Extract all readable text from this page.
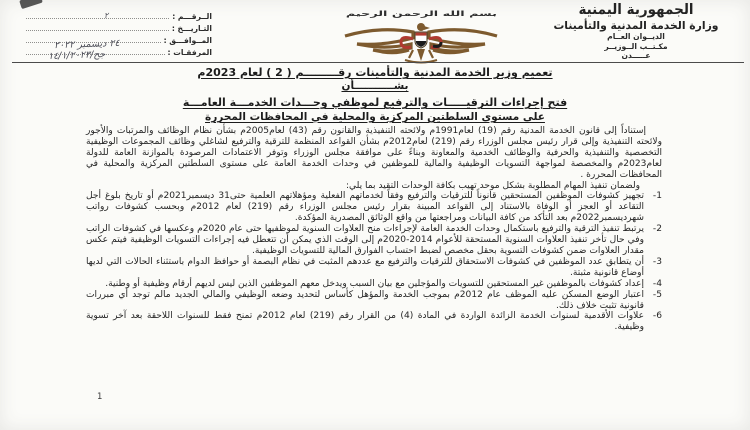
الــرقـــم :
التـاريـــخ :
المــوافـــق :
المرفقـات :
٢
٢٤ ديسمبر ٢٠٢٢
جح/١٤/١/٢٠٢٣
بسم الله الرحمن الرحيم	الجمهورية اليمنية
وزارة الخدمة المدنية والتأمينات
الديــوان العــام
مكـتــب الــوزيــر
عـــــدن
تعميم وزير الخدمة المدنية والتأمينات رقـــــــــم ( 2 ) لعام 2023م
بشـــــــــــأن
فتح إجراءات الترقيـــــات والترفيع لموظفي وحـــدات الخدمـــة العامـــة
على مستوى السلطتين المركزية والمحلية في المحافظات المحررة

إستناداً إلى قانون الخدمة المدنية رقم (19) لعام1991م ولائحته التنفيذية والقانون رقم (43) لعام2005م بشأن نظام الوظائف والمرتبات والأجور ولائحته التنفيذية وإلى قرار رئيس مجلس الوزراء رقم (219) لعام2012م بشأن القواعد المنظمة للترقية والترفيع لشاغلي وظائف المجموعات الوظيفية التخصصية والتنفيذية والحرفية والوظائف الخدمية والمعاونة وبناءً على موافقة مجلس الوزراء وتوفر الاعتمادات المرصودة بالموازنة العامة للدولة لعام2023م والمخصصة لمواجهة التسويات الوظيفية والمالية للموظفين في وحدات الخدمة العامة على مستوى السلطتين المركزية والمحلية في المحافظات المحررة .

ولضمان تنفيذ المهام المطلوبة بشكل موحد تهيب بكافة الوحدات التقيد بما يلي:

1-
تجهيز كشوفات الموظفين المستحقين قانوناً للترقيات والترفيع وفقاً لخدماتهم الفعلية ومؤهلاتهم العلمية حتى31 ديسمبر2021م أو تاريخ بلوغ أجل التقاعد أو العجز أو الوفاة بالاستناد إلى القواعد المبينة بقرار رئيس مجلس الوزراء رقم (219) لعام 2012م وبحسب كشوفات رواتب شهرديسمبر2022م بعد التأكد من كافة البيانات ومراجعتها من واقع الوثائق المصدرية المؤكدة.
2-
يرتبط تنفيذ الترقية والترفيع باستكمال وحدات الخدمة العامة لإجراءات منح العلاوات السنوية لموظفيها حتى عام 2020م وعكسها في كشوفات الراتب وفي حال تأخر تنفيذ العلاوات السنوية المستحقة للأعوام 2014-2020م إلى الوقت الذي يمكن أن تتعطل فيه إجراءات التسويات الوظيفية فيتم عكس مقدار العلاوات ضمن كشوفات التسوية بحقل مخصص لضبط احتساب الفوارق المالية للتسويات الوظيفية.
3-
أن يتطابق عدد الموظفين في كشوفات الاستحقاق للترقيات والترفيع مع عددهم المثبت في نظام البصمة أو حوافظ الدوام باستثناء الحالات التي لديها أوضاع قانونية مثبتة.
4-
إعداد كشوفات بالموظفين غير المستحقين للتسويات والمؤجلين مع بيان السبب ويدخل معهم الموظفين الذين ليس لديهم أرقام وظيفية أو وطنية.
5-
اعتبار الوضع المسكن عليه الموظف عام 2012م بموجب الخدمة والمؤهل كأساس لتحديد وضعه الوظيفي والمالي الجديد مالم توجد أي مبررات قانونية تثبت خلاف ذلك.
6-
علاوات الأقدمية لسنوات الخدمة الزائدة الواردة في المادة (4) من القرار رقم (219) لعام 2012م تمنح فقط للسنوات اللاحقة بعد آخر تسوية وظيفية.
1
